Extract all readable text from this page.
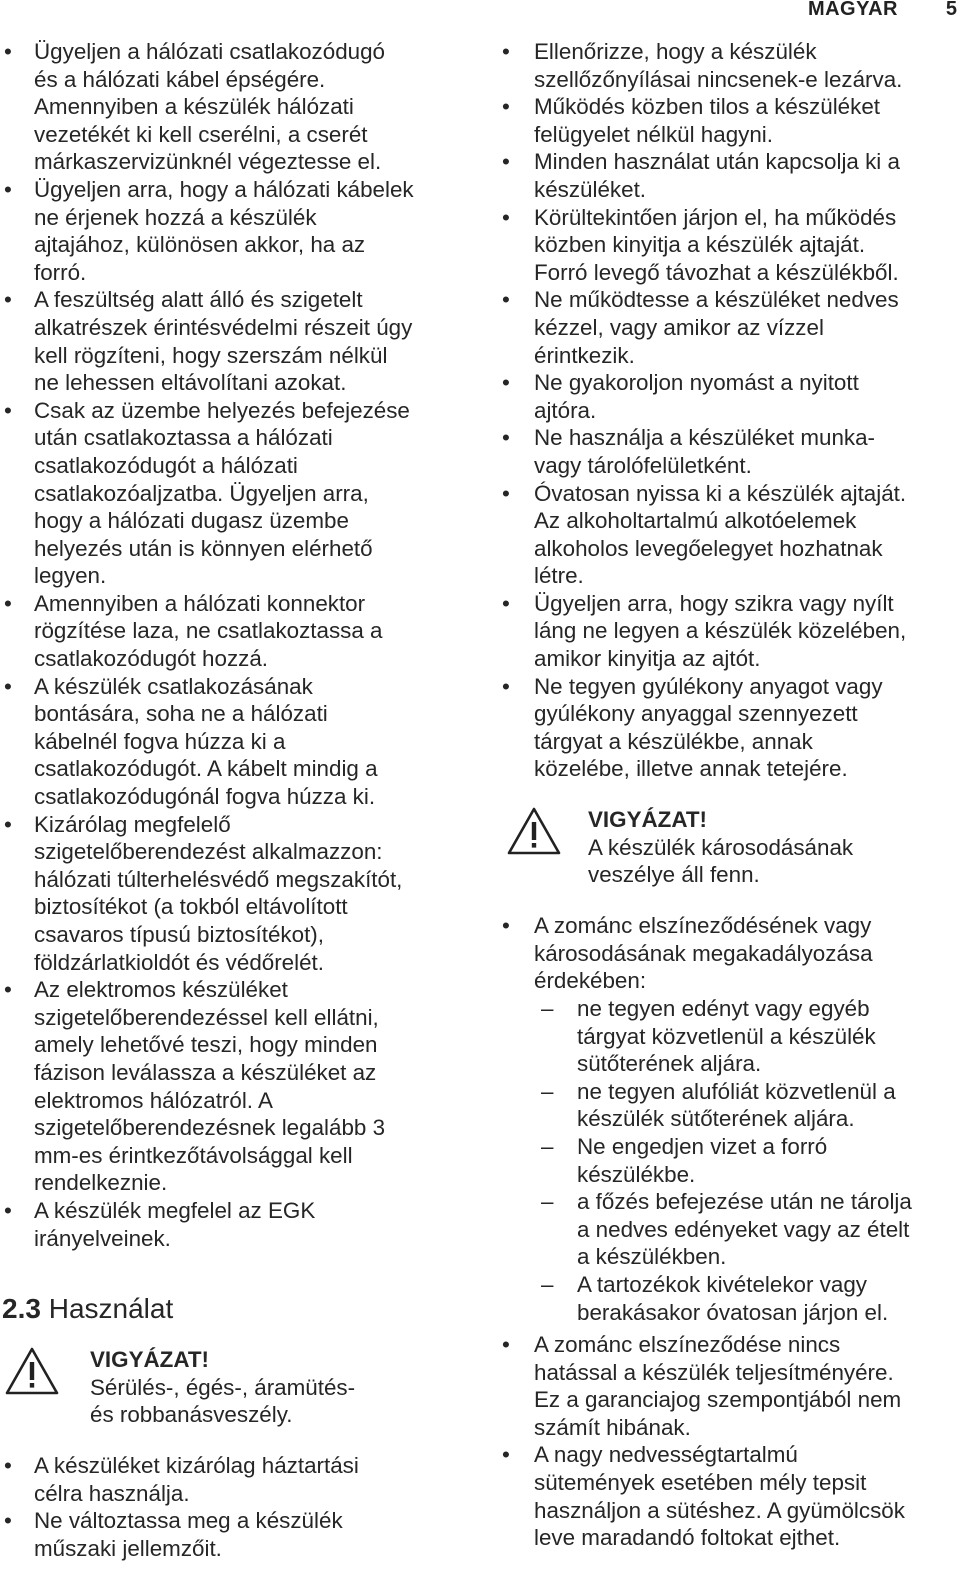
MAGYAR 5
• Ügyeljen a hálózati csatlakozódugó
és a hálózati kábel épségére.
Amennyiben a készülék hálózati
vezetékét ki kell cserélni, a cserét
márkaszervizünknél végeztesse el.
• Ügyeljen arra, hogy a hálózati kábelek
ne érjenek hozzá a készülék
ajtajához, különösen akkor, ha az
forró.
• A feszültség alatt álló és szigetelt
alkatrészek érintésvédelmi részeit úgy
kell rögzíteni, hogy szerszám nélkül
ne lehessen eltávolítani azokat.
• Csak az üzembe helyezés befejezése
után csatlakoztassa a hálózati
csatlakozódugót a hálózati
csatlakozóaljzatba. Ügyeljen arra,
hogy a hálózati dugasz üzembe
helyezés után is könnyen elérhető
legyen.
• Amennyiben a hálózati konnektor
rögzítése laza, ne csatlakoztassa a
csatlakozódugót hozzá.
• A készülék csatlakozásának
bontására, soha ne a hálózati
kábelnél fogva húzza ki a
csatlakozódugót. A kábelt mindig a
csatlakozódugónál fogva húzza ki.
• Kizárólag megfelelő
szigetelőberendezést alkalmazzon:
hálózati túlterhelésvédő megszakítót,
biztosítékot (a tokból eltávolított
csavaros típusú biztosítékot),
földzárlatkioldót és védőrelét.
• Az elektromos készüléket
szigetelőberendezéssel kell ellátni,
amely lehetővé teszi, hogy minden
fázison leválassza a készüléket az
elektromos hálózatról. A
szigetelőberendezésnek legalább 3
mm-es érintkezőtávolsággal kell
rendelkeznie.
• A készülék megfelel az EGK
irányelveinek.
2.3 Használat
VIGYÁZAT!
Sérülés-, égés-, áramütés-
és robbanásveszély.
• A készüléket kizárólag háztartási
célra használja.
• Ne változtassa meg a készülék
műszaki jellemzőit.
• Ellenőrizze, hogy a készülék
szellőzőnyílásai nincsenek-e lezárva.
• Működés közben tilos a készüléket
felügyelet nélkül hagyni.
• Minden használat után kapcsolja ki a
készüléket.
• Körültekintően járjon el, ha működés
közben kinyitja a készülék ajtaját.
Forró levegő távozhat a készülékből.
• Ne működtesse a készüléket nedves
kézzel, vagy amikor az vízzel
érintkezik.
• Ne gyakoroljon nyomást a nyitott
ajtóra.
• Ne használja a készüléket munka-
vagy tárolófelületként.
• Óvatosan nyissa ki a készülék ajtaját.
Az alkoholtartalmú alkotóelemek
alkoholos levegőelegyet hozhatnak
létre.
• Ügyeljen arra, hogy szikra vagy nyílt
láng ne legyen a készülék közelében,
amikor kinyitja az ajtót.
• Ne tegyen gyúlékony anyagot vagy
gyúlékony anyaggal szennyezett
tárgyat a készülékbe, annak
közelébe, illetve annak tetejére.
VIGYÁZAT!
A készülék károsodásának
veszélye áll fenn.
• A zománc elszíneződésének vagy
károsodásának megakadályozása
érdekében:
– ne tegyen edényt vagy egyéb
tárgyat közvetlenül a készülék
sütőterének aljára.
– ne tegyen alufóliát közvetlenül a
készülék sütőterének aljára.
– Ne engedjen vizet a forró
készülékbe.
– a főzés befejezése után ne tárolja
a nedves edényeket vagy az ételt
a készülékben.
– A tartozékok kivételekor vagy
berakásakor óvatosan járjon el.
• A zománc elszíneződése nincs
hatással a készülék teljesítményére.
Ez a garanciajog szempontjából nem
számít hibának.
• A nagy nedvességtartalmú
sütemények esetében mély tepsit
használjon a sütéshez. A gyümölcsök
leve maradandó foltokat ejthet.
